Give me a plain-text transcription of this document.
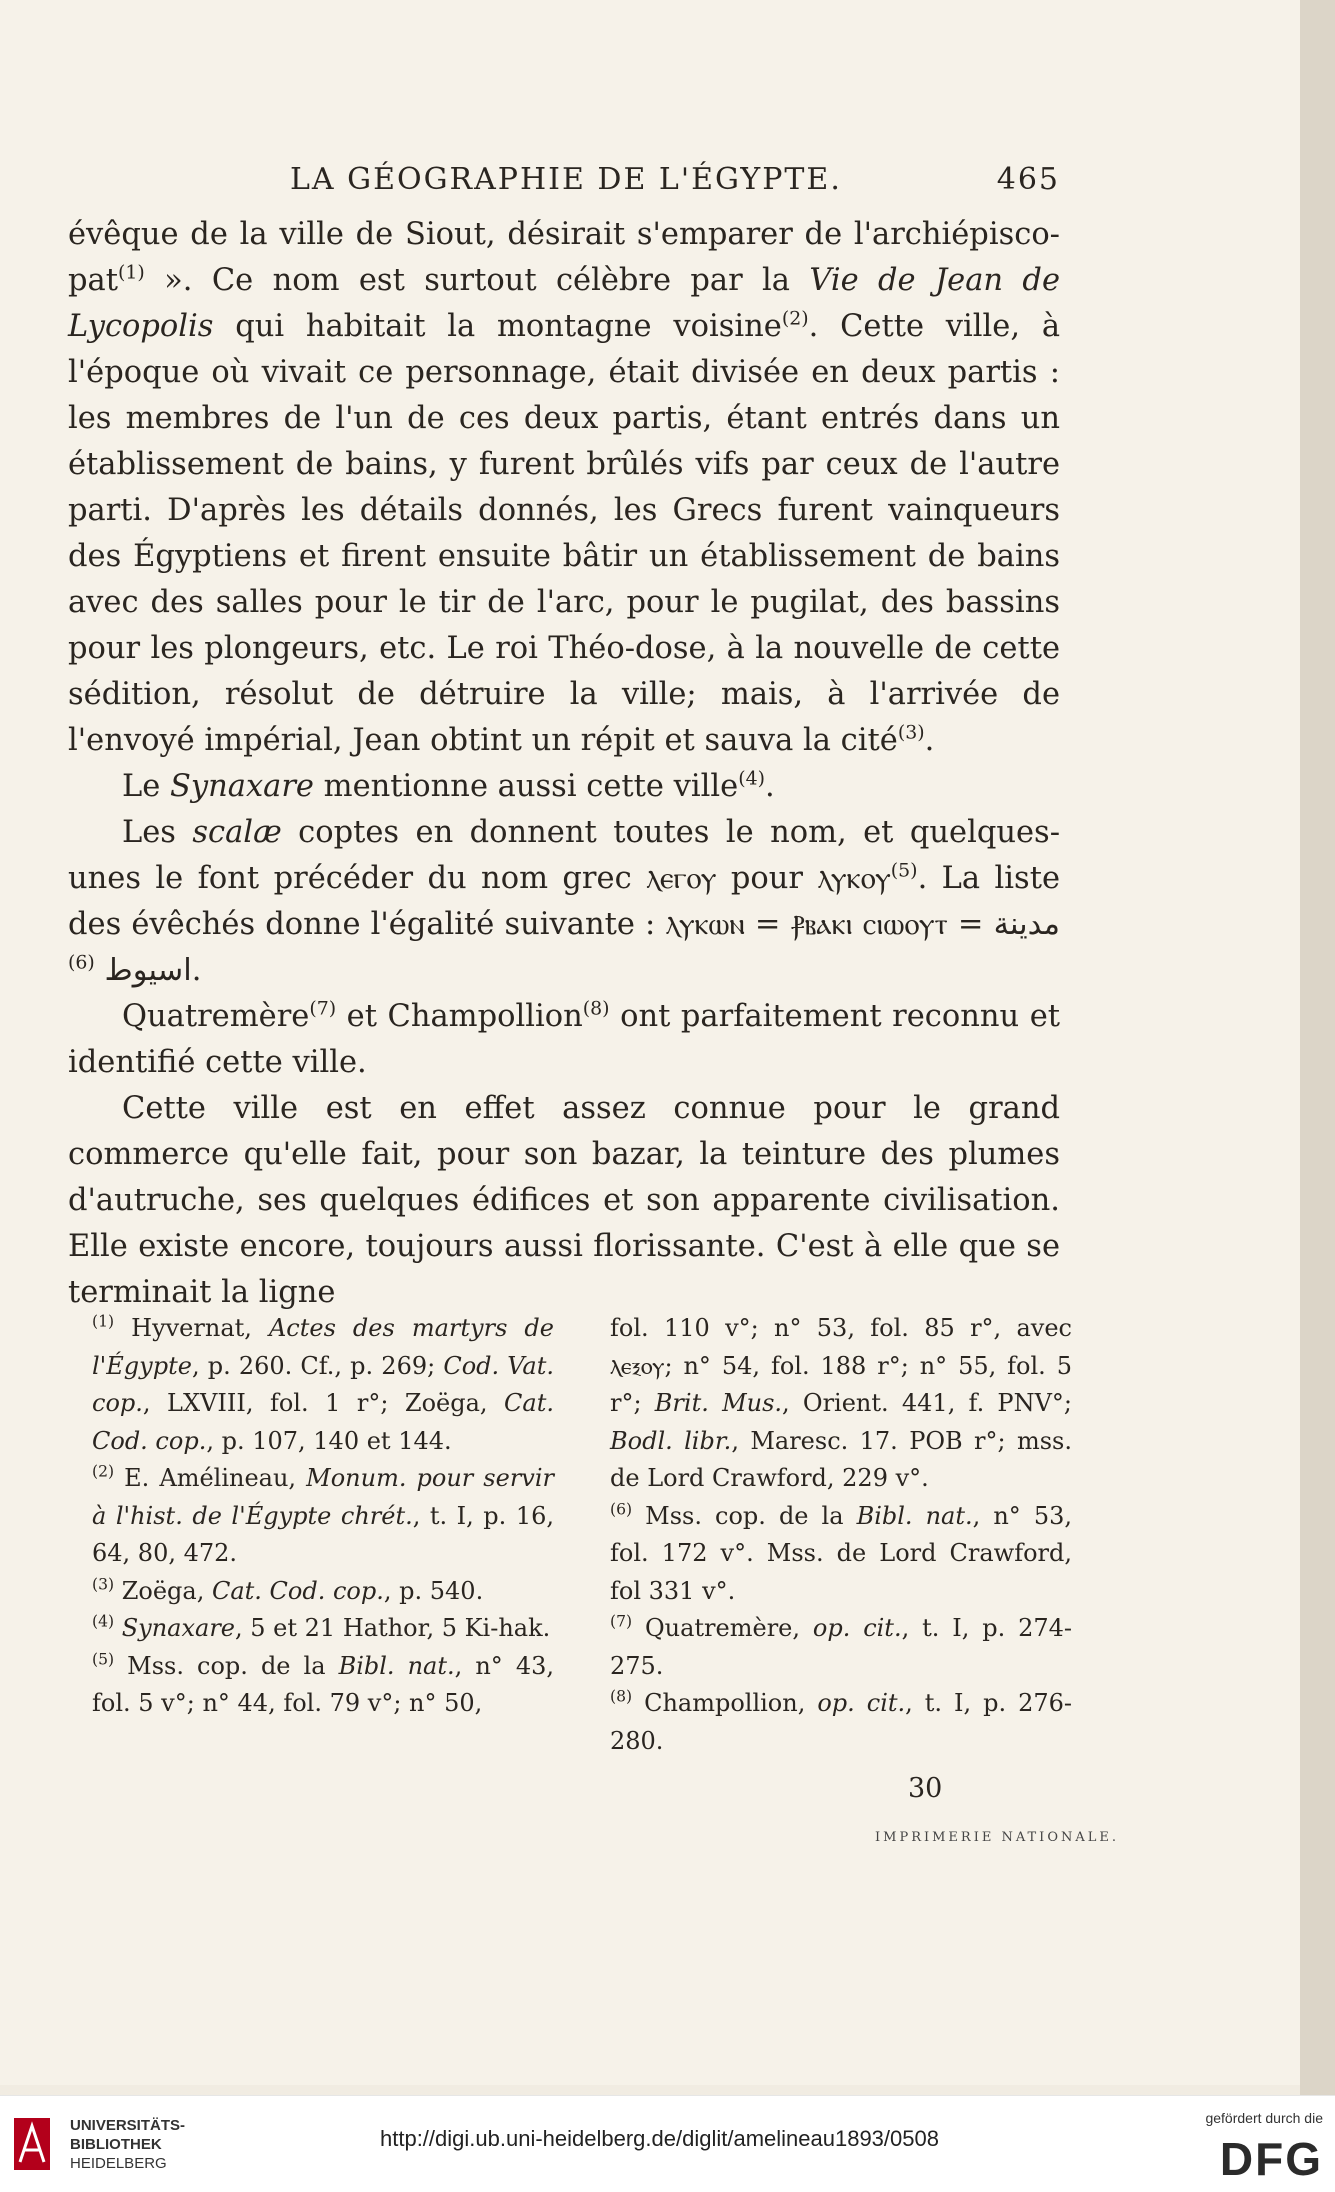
LA GÉOGRAPHIE DE L'ÉGYPTE.	465

évêque de la ville de Siout, désirait s'emparer de l'archiépisco-pat$^{(1)}$ ». Ce nom est surtout célèbre par la Vie de Jean de Lycopolis qui habitait la montagne voisine$^{(2)}$. Cette ville, à l'époque où vivait ce personnage, était divisée en deux partis : les membres de l'un de ces deux partis, étant entrés dans un établissement de bains, y furent brûlés vifs par ceux de l'autre parti. D'après les détails donnés, les Grecs furent vainqueurs des Égyptiens et firent ensuite bâtir un établissement de bains avec des salles pour le tir de l'arc, pour le pugilat, des bassins pour les plongeurs, etc. Le roi Théo-dose, à la nouvelle de cette sédition, résolut de détruire la ville; mais, à l'arrivée de l'envoyé impérial, Jean obtint un répit et sauva la cité$^{(3)}$.

Le Synaxare mentionne aussi cette ville$^{(4)}$.

Les scalæ coptes en donnent toutes le nom, et quelques-unes le font précéder du nom grec ⲗⲉⲅⲟⲩ pour ⲗⲩⲕⲟⲩ$^{(5)}$. La liste des évêchés donne l'égalité suivante : ⲗⲩⲕⲱⲛ = ⳁⲃⲁⲕⲓ ⲥⲓⲱⲟⲩⲧ = مدينة اسيوط $^{(6)}$	.

Quatremère$^{(7)}$ et Champollion$^{(8)}$ ont parfaitement reconnu et identifié cette ville.

Cette ville est en effet assez connue pour le grand commerce qu'elle fait, pour son bazar, la teinture des plumes d'autruche, ses quelques édifices et son apparente civilisation. Elle existe encore, toujours aussi florissante. C'est à elle que se terminait la ligne

$^{(1)}$ Hyvernat, Actes des martyrs de l'Égypte, p. 260. Cf., p. 269; Cod. Vat. cop., LXVIII, fol. 1 r°; Zoëga, Cat. Cod. cop., p. 107, 140 et 144.

$^{(2)}$ E. Amélineau, Monum. pour servir à l'hist. de l'Égypte chrét., t. I, p. 16, 64, 80, 472.

$^{(3)}$ Zoëga, Cat. Cod. cop., p. 540.

$^{(4)}$ Synaxare, 5 et 21 Hathor, 5 Ki-hak.

$^{(5)}$ Mss. cop. de la Bibl. nat., n° 43, fol. 5 v°; n° 44, fol. 79 v°; n° 50,

fol. 110 v°; n° 53, fol. 85 r°, avec ⲗⲉⲝⲟⲩ; n° 54, fol. 188 r°; n° 55, fol. 5 r°; Brit. Mus., Orient. 441, f. ΡΝV°; Bodl. libr., Maresc. 17. ΡΟΒ r°; mss. de Lord Crawford, 229 v°.

$^{(6)}$ Mss. cop. de la Bibl. nat., n° 53, fol. 172 v°. Mss. de Lord Crawford, fol 331 v°.

$^{(7)}$ Quatremère, op. cit., t. I, p. 274-275.

$^{(8)}$ Champollion, op. cit., t. I, p. 276-280.

30
IMPRIMERIE NATIONALE.
UNIVERSITÄTS-
BIBLIOTHEK
HEIDELBERG
http://digi.ub.uni-heidelberg.de/diglit/amelineau1893/0508
gefördert durch die
DFG
